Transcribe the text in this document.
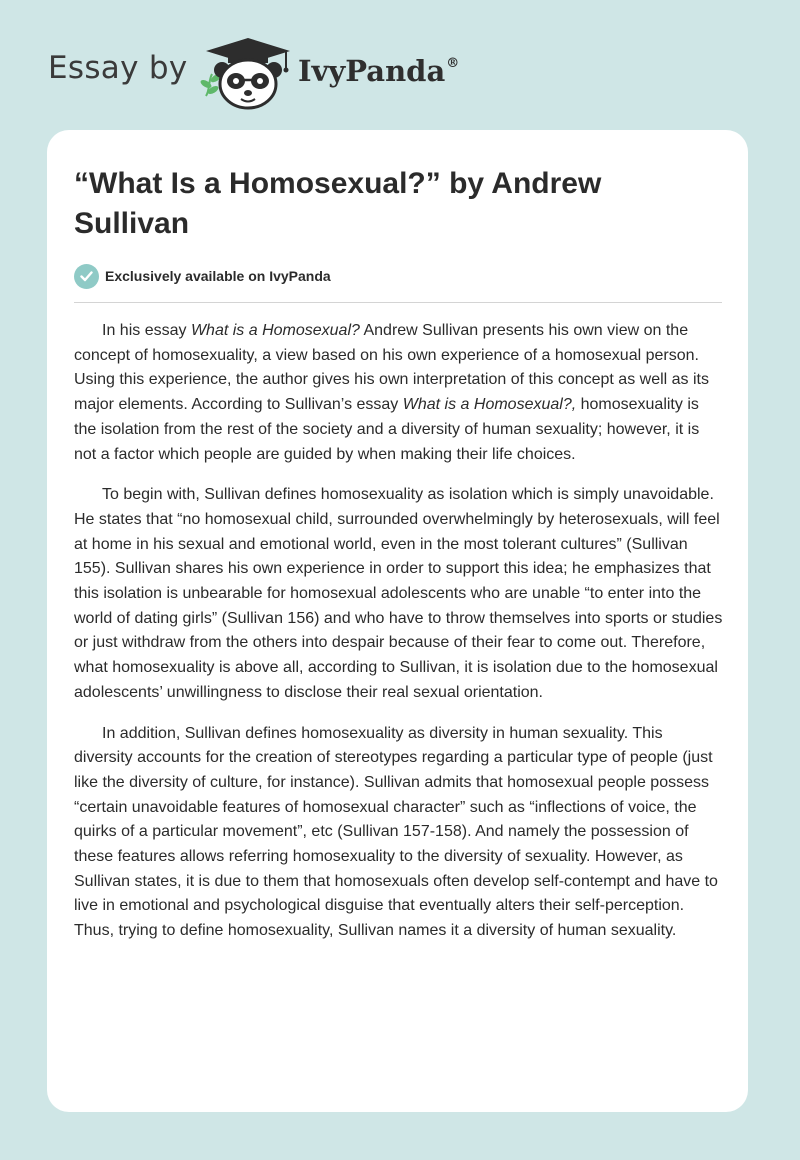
Essay by	IvyPanda®
“What Is a Homosexual?” by Andrew Sullivan
Exclusively available on IvyPanda

In his essay What is a Homosexual? Andrew Sullivan presents his own view on the concept of homosexuality, a view based on his own experience of a homosexual person. Using this experience, the author gives his own interpretation of this concept as well as its major elements. According to Sullivan’s essay What is a Homosexual?, homosexuality is the isolation from the rest of the society and a diversity of human sexuality; however, it is not a factor which people are guided by when making their life choices.

To begin with, Sullivan defines homosexuality as isolation which is simply unavoidable. He states that “no homosexual child, surrounded overwhelmingly by heterosexuals, will feel at home in his sexual and emotional world, even in the most tolerant cultures” (Sullivan 155). Sullivan shares his own experience in order to support this idea; he emphasizes that this isolation is unbearable for homosexual adolescents who are unable “to enter into the world of dating girls” (Sullivan 156) and who have to throw themselves into sports or studies or just withdraw from the others into despair because of their fear to come out. Therefore, what homosexuality is above all, according to Sullivan, it is isolation due to the homosexual adolescents’ unwillingness to disclose their real sexual orientation.

In addition, Sullivan defines homosexuality as diversity in human sexuality. This diversity accounts for the creation of stereotypes regarding a particular type of people (just like the diversity of culture, for instance). Sullivan admits that homosexual people possess “certain unavoidable features of homosexual character” such as “inflections of voice, the quirks of a particular movement”, etc (Sullivan 157-158). And namely the possession of these features allows referring homosexuality to the diversity of sexuality. However, as Sullivan states, it is due to them that homosexuals often develop self-contempt and have to live in emotional and psychological disguise that eventually alters their self-perception. Thus, trying to define homosexuality, Sullivan names it a diversity of human sexuality.
